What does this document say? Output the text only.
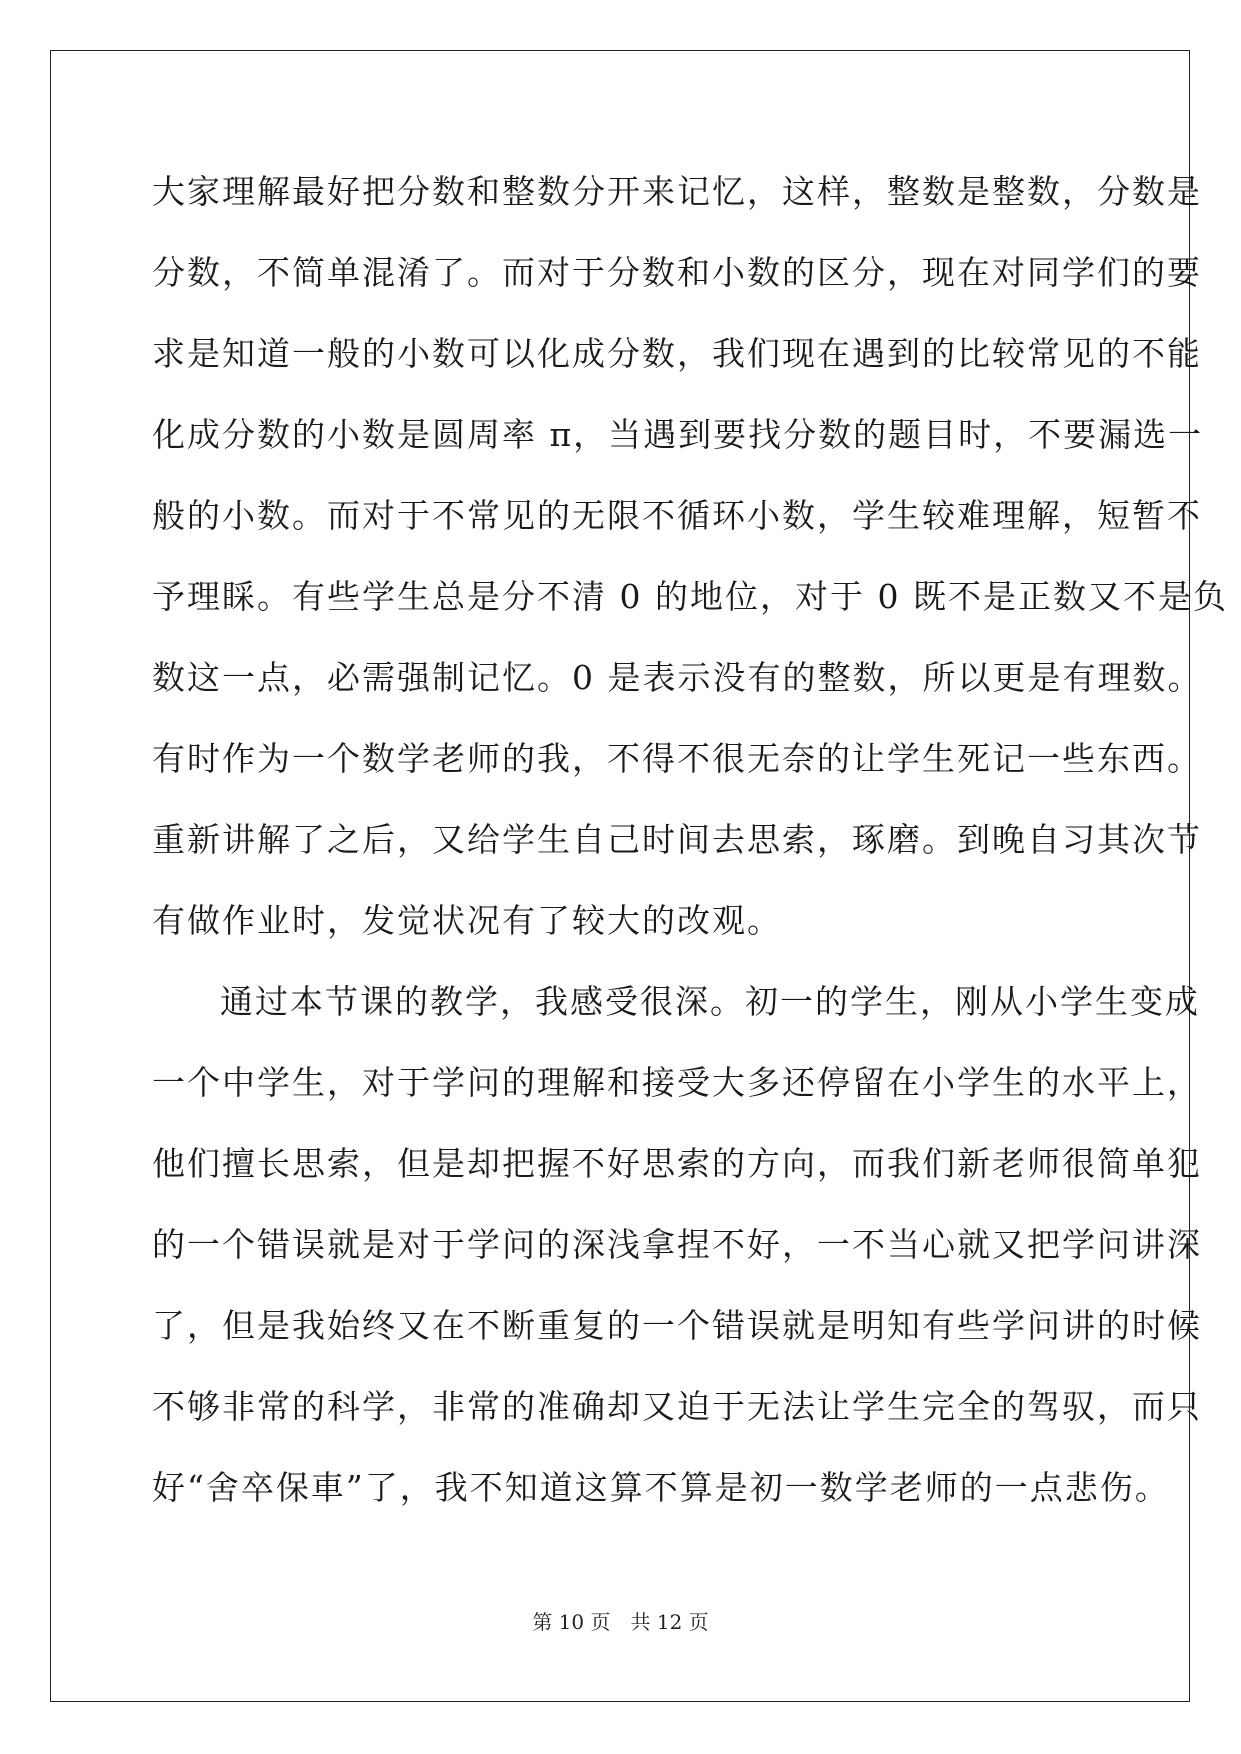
大家理解最好把分数和整数分开来记忆，这样，整数是整数，分数是
分数，不简单混淆了。而对于分数和小数的区分，现在对同学们的要
求是知道一般的小数可以化成分数，我们现在遇到的比较常见的不能
化成分数的小数是圆周率 π，当遇到要找分数的题目时，不要漏选一
般的小数。而对于不常见的无限不循环小数，学生较难理解，短暂不
予理睬。有些学生总是分不清 0 的地位，对于 0 既不是正数又不是负
数这一点，必需强制记忆。0 是表示没有的整数，所以更是有理数。
有时作为一个数学老师的我，不得不很无奈的让学生死记一些东西。
重新讲解了之后，又给学生自己时间去思索，琢磨。到晚自习其次节
有做作业时，发觉状况有了较大的改观。
通过本节课的教学，我感受很深。初一的学生，刚从小学生变成
一个中学生，对于学问的理解和接受大多还停留在小学生的水平上，
他们擅长思索，但是却把握不好思索的方向，而我们新老师很简单犯
的一个错误就是对于学问的深浅拿捏不好，一不当心就又把学问讲深
了，但是我始终又在不断重复的一个错误就是明知有些学问讲的时候
不够非常的科学，非常的准确却又迫于无法让学生完全的驾驭，而只
好“舍卒保車”了，我不知道这算不算是初一数学老师的一点悲伤。
第 10 页　共 12 页
